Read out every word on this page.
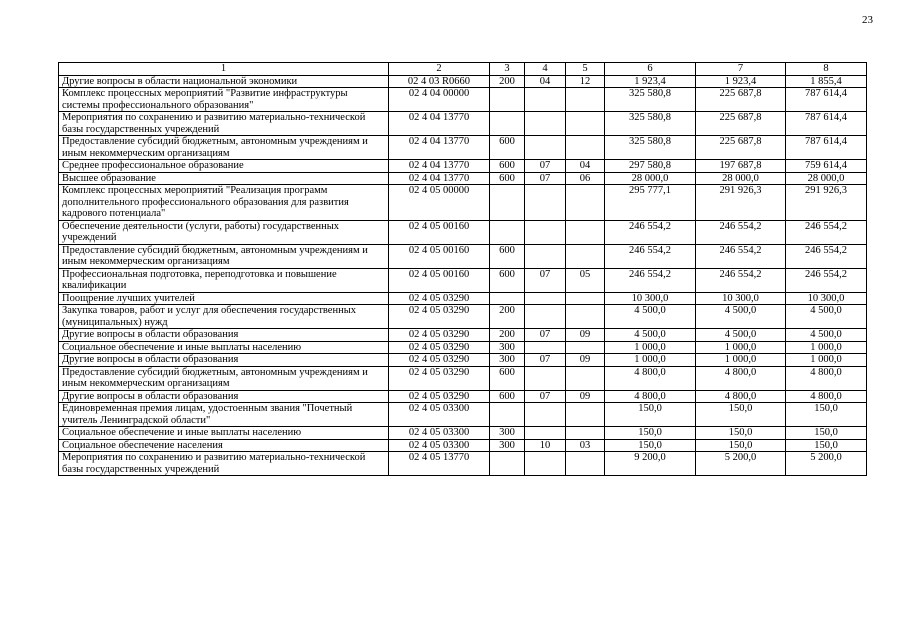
23
1	2	3	4	5	6	7	8
Другие вопросы в области национальной экономики	02 4 03 R0660	200	04	12	1 923,4	1 923,4	1 855,4
Комплекс процессных мероприятий "Развитие инфраструктуры системы профессионального образования"	02 4 04 00000				325 580,8	225 687,8	787 614,4
Мероприятия по сохранению и развитию материально-технической базы государственных учреждений	02 4 04 13770				325 580,8	225 687,8	787 614,4
Предоставление субсидий бюджетным, автономным учреждениям и иным некоммерческим организациям	02 4 04 13770	600			325 580,8	225 687,8	787 614,4
Среднее профессиональное образование	02 4 04 13770	600	07	04	297 580,8	197 687,8	759 614,4
Высшее образование	02 4 04 13770	600	07	06	28 000,0	28 000,0	28 000,0
Комплекс процессных мероприятий "Реализация программ дополнительного профессионального образования для развития кадрового потенциала"	02 4 05 00000				295 777,1	291 926,3	291 926,3
Обеспечение деятельности (услуги, работы) государственных учреждений	02 4 05 00160				246 554,2	246 554,2	246 554,2
Предоставление субсидий бюджетным, автономным учреждениям и иным некоммерческим организациям	02 4 05 00160	600			246 554,2	246 554,2	246 554,2
Профессиональная подготовка, переподготовка и повышение квалификации	02 4 05 00160	600	07	05	246 554,2	246 554,2	246 554,2
Поощрение лучших учителей	02 4 05 03290				10 300,0	10 300,0	10 300,0
Закупка товаров, работ и услуг для обеспечения государственных (муниципальных) нужд	02 4 05 03290	200			4 500,0	4 500,0	4 500,0
Другие вопросы в области образования	02 4 05 03290	200	07	09	4 500,0	4 500,0	4 500,0
Социальное обеспечение и иные выплаты населению	02 4 05 03290	300			1 000,0	1 000,0	1 000,0
Другие вопросы в области образования	02 4 05 03290	300	07	09	1 000,0	1 000,0	1 000,0
Предоставление субсидий бюджетным, автономным учреждениям и иным некоммерческим организациям	02 4 05 03290	600			4 800,0	4 800,0	4 800,0
Другие вопросы в области образования	02 4 05 03290	600	07	09	4 800,0	4 800,0	4 800,0
Единовременная премия лицам, удостоенным звания "Почетный учитель Ленинградской области"	02 4 05 03300				150,0	150,0	150,0
Социальное обеспечение и иные выплаты населению	02 4 05 03300	300			150,0	150,0	150,0
Социальное обеспечение населения	02 4 05 03300	300	10	03	150,0	150,0	150,0
Мероприятия по сохранению и развитию материально-технической базы государственных учреждений	02 4 05 13770				9 200,0	5 200,0	5 200,0
